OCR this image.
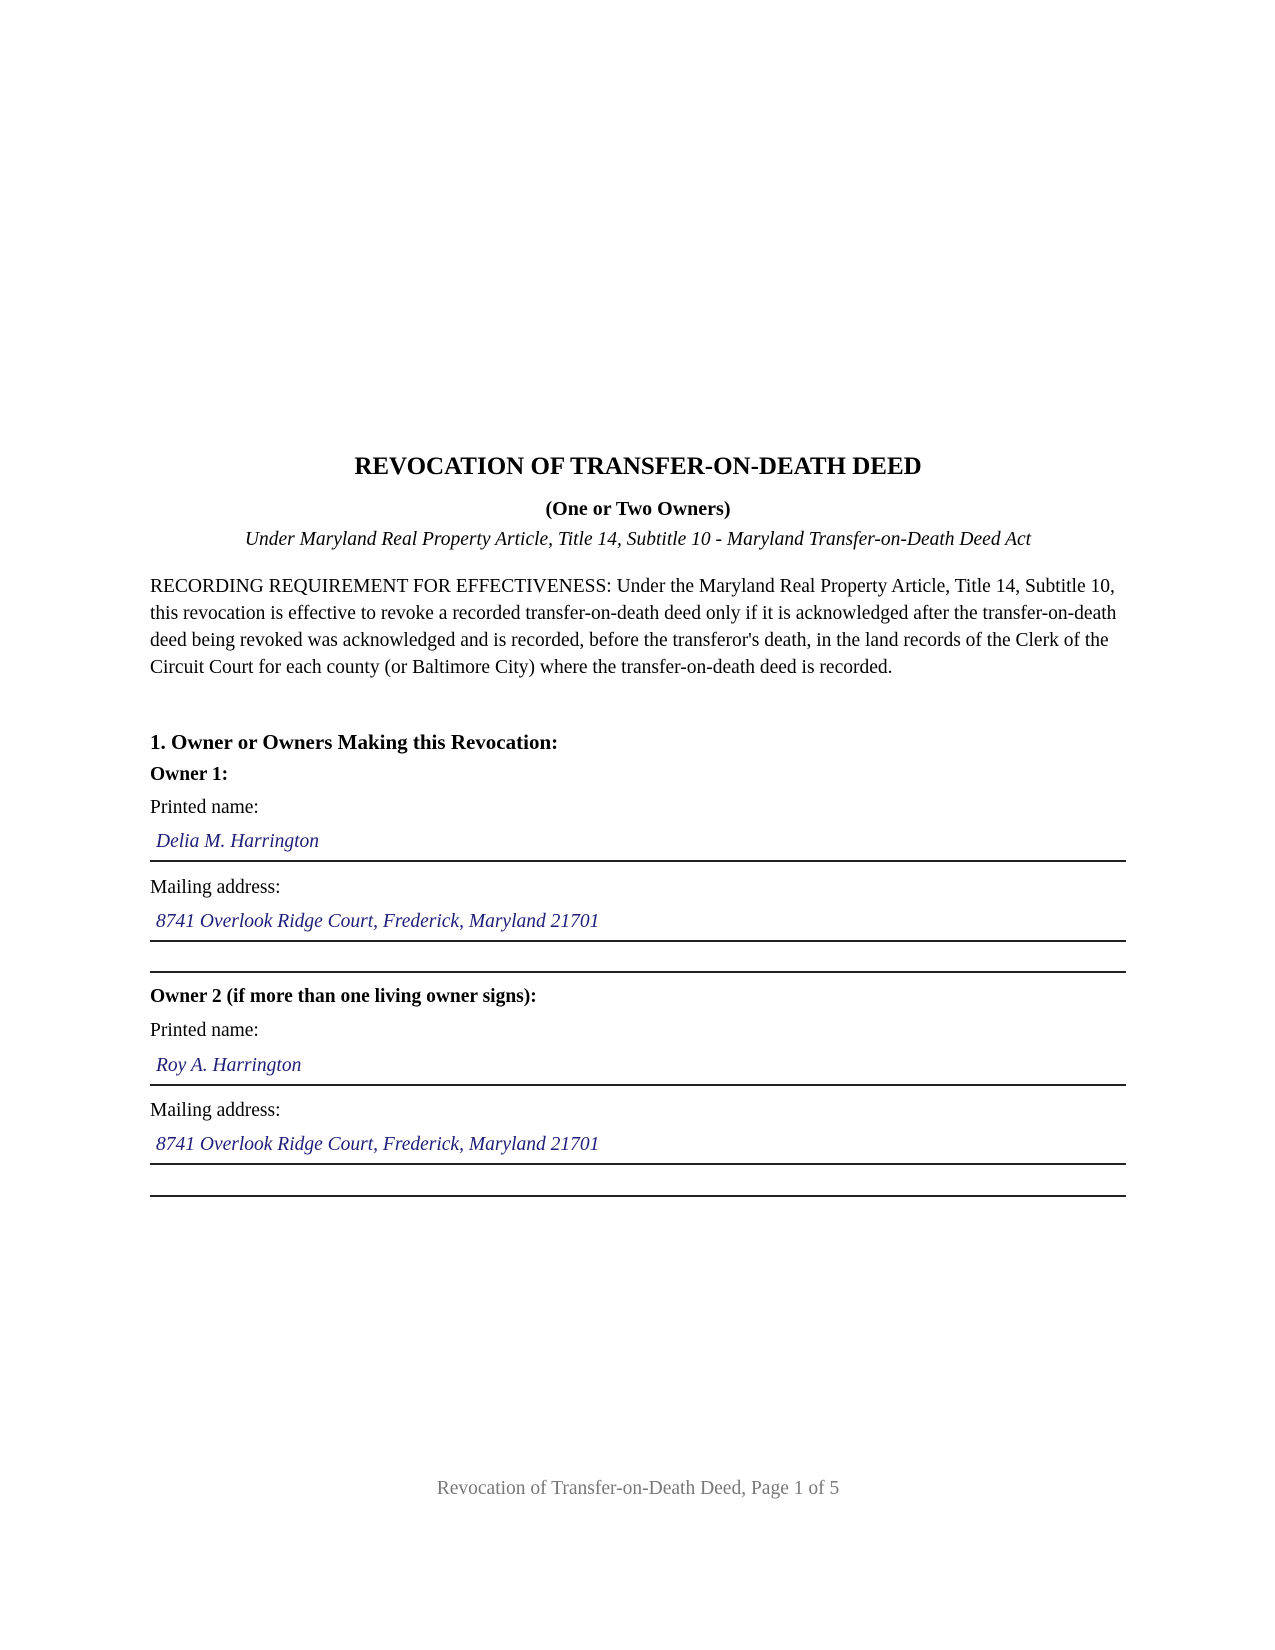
REVOCATION OF TRANSFER-ON-DEATH DEED
(One or Two Owners)
Under Maryland Real Property Article, Title 14, Subtitle 10 - Maryland Transfer-on-Death Deed Act

RECORDING REQUIREMENT FOR EFFECTIVENESS: Under the Maryland Real Property Article, Title 14, Subtitle 10, this revocation is effective to revoke a recorded transfer-on-death deed only if it is acknowledged after the transfer-on-death deed being revoked was acknowledged and is recorded, before the transferor's death, in the land records of the Clerk of the Circuit Court for each county (or Baltimore City) where the transfer-on-death deed is recorded.

1. Owner or Owners Making this Revocation:
Owner 1:
Printed name:
Delia M. Harrington
Mailing address:
8741 Overlook Ridge Court, Frederick, Maryland 21701
Owner 2 (if more than one living owner signs):
Printed name:
Roy A. Harrington
Mailing address:
8741 Overlook Ridge Court, Frederick, Maryland 21701
Revocation of Transfer-on-Death Deed, Page 1 of 5
